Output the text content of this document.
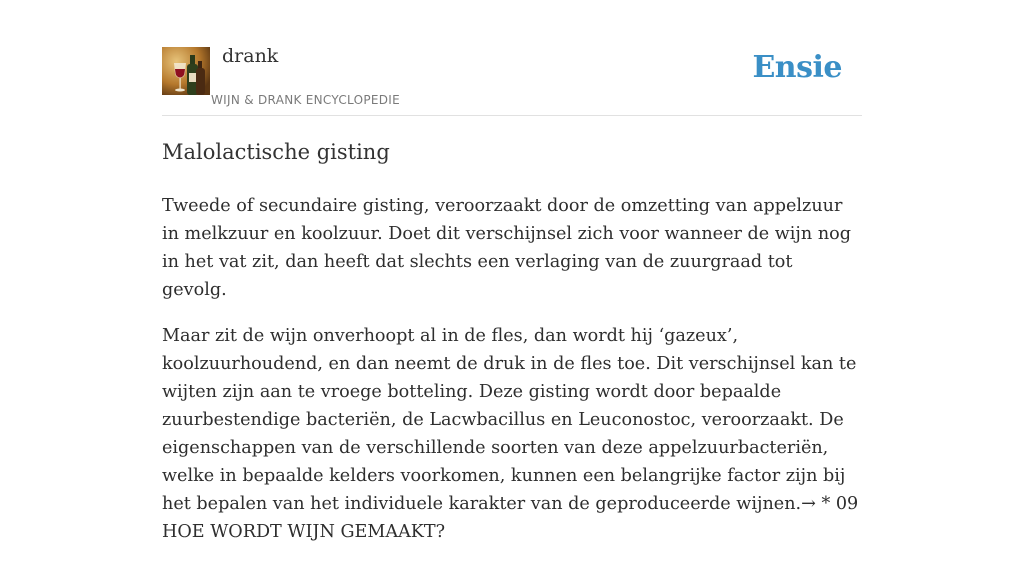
drank
WIJN & DRANK ENCYCLOPEDIE
Ensie
Malolactische gisting

Tweede of secundaire gisting, veroorzaakt door de omzetting van appelzuur in melkzuur en koolzuur. Doet dit verschijnsel zich voor wanneer de wijn nog in het vat zit, dan heeft dat slechts een verlaging van de zuurgraad tot gevolg.

Maar zit de wijn onverhoopt al in de fles, dan wordt hij ‘gazeux’, koolzuurhoudend, en dan neemt de druk in de fles toe. Dit verschijnsel kan te wijten zijn aan te vroege botteling. Deze gisting wordt door bepaalde zuurbestendige bacteriën, de Lacwbacillus en Leuconostoc, veroorzaakt. De eigenschappen van de verschillende soorten van deze appelzuurbacteriën, welke in bepaalde kelders voorkomen, kunnen een belangrijke factor zijn bij het bepalen van het individuele karakter van de geproduceerde wijnen.→ * 09 HOE WORDT WIJN GEMAAKT?
